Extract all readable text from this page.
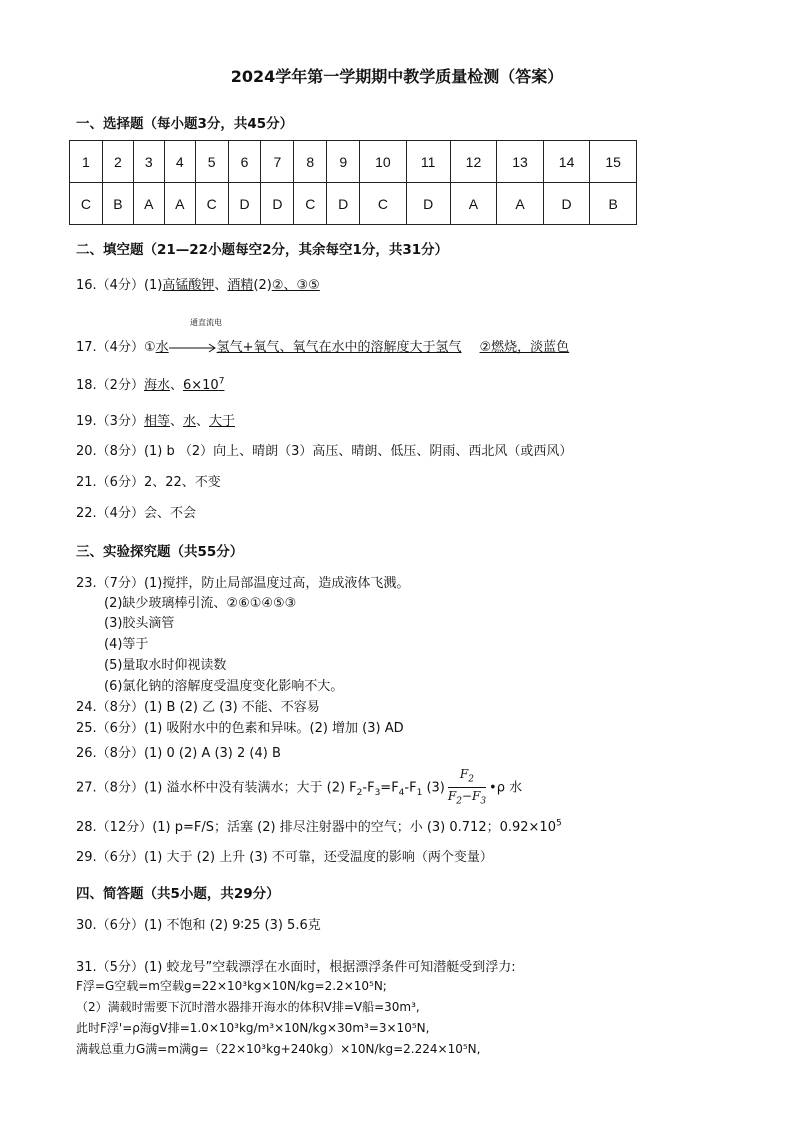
2024学年第一学期期中教学质量检测（答案）
一、选择题（每小题3分，共45分）
1	2	3	4	5	6	7	8	9	10	11	12	13	14	15
C	B	A	A	C	D	D	C	D	C	D	A	A	D	B
二、填空题（21—22小题每空2分，其余每空1分，共31分）
16.（4分）(1)高锰酸钾、酒精(2)②、③⑤
通直流电
17.（4分）①水→氢气+氧气、氧气在水中的溶解度大于氢气 ②燃烧，淡蓝色
18.（2分）海水、$6\times 10^7$
19.（3分）相等、水、大于
20.（8分）(1) b （2）向上、晴朗（3）高压、晴朗、低压、阴雨、西北风（或西风）
21.（6分）2、22、不变
22.（4分）会、不会
三、实验探究题（共55分）
23.（7分）(1)搅拌，防止局部温度过高，造成液体飞溅。
(2)缺少玻璃棒引流、②⑥①④⑤③
(3)胶头滴管
(4)等于
(5)量取水时仰视读数
(6)氯化钠的溶解度受温度变化影响不大。
24.（8分）(1) B (2) 乙 (3) 不能、不容易
25.（6分）(1) 吸附水中的色素和异味。(2) 增加 (3) AD
26.（8分）(1) 0 (2) A (3) 2 (4) B
27.（8分）(1) 溢水杯中没有装满水；大于 (2) $F_2-F_3=F_4-F_1$ $(3) \frac{F_2}{F_2-F_3}$ •ρ 水
28.（12分）(1) p=F/S；活塞 (2) 排尽注射器中的空气；小 (3) 0.712；$0.92\times 10^5$
29.（6分）(1) 大于 (2) 上升 (3) 不可靠，还受温度的影响（两个变量）
四、简答题（共5小题，共29分）
30.（6分）(1) 不饱和 (2) 9∶25 (3) 5.6克
31.（5分）(1) 蛟龙号”空载漂浮在水面时，根据漂浮条件可知潜艇受到浮力:
F浮=G空载=m空载g=22×10³kg×10N/kg=2.2×10⁵N;
（2）满载时需要下沉时潜水器排开海水的体积V排=V船=30m³,
此时F浮'=ρ海gV排=1.0×10³kg/m³×10N/kg×30m³=3×10⁵N,
满载总重力G满=m满g=（22×10³kg+240kg）×10N/kg=2.224×10⁵N,
